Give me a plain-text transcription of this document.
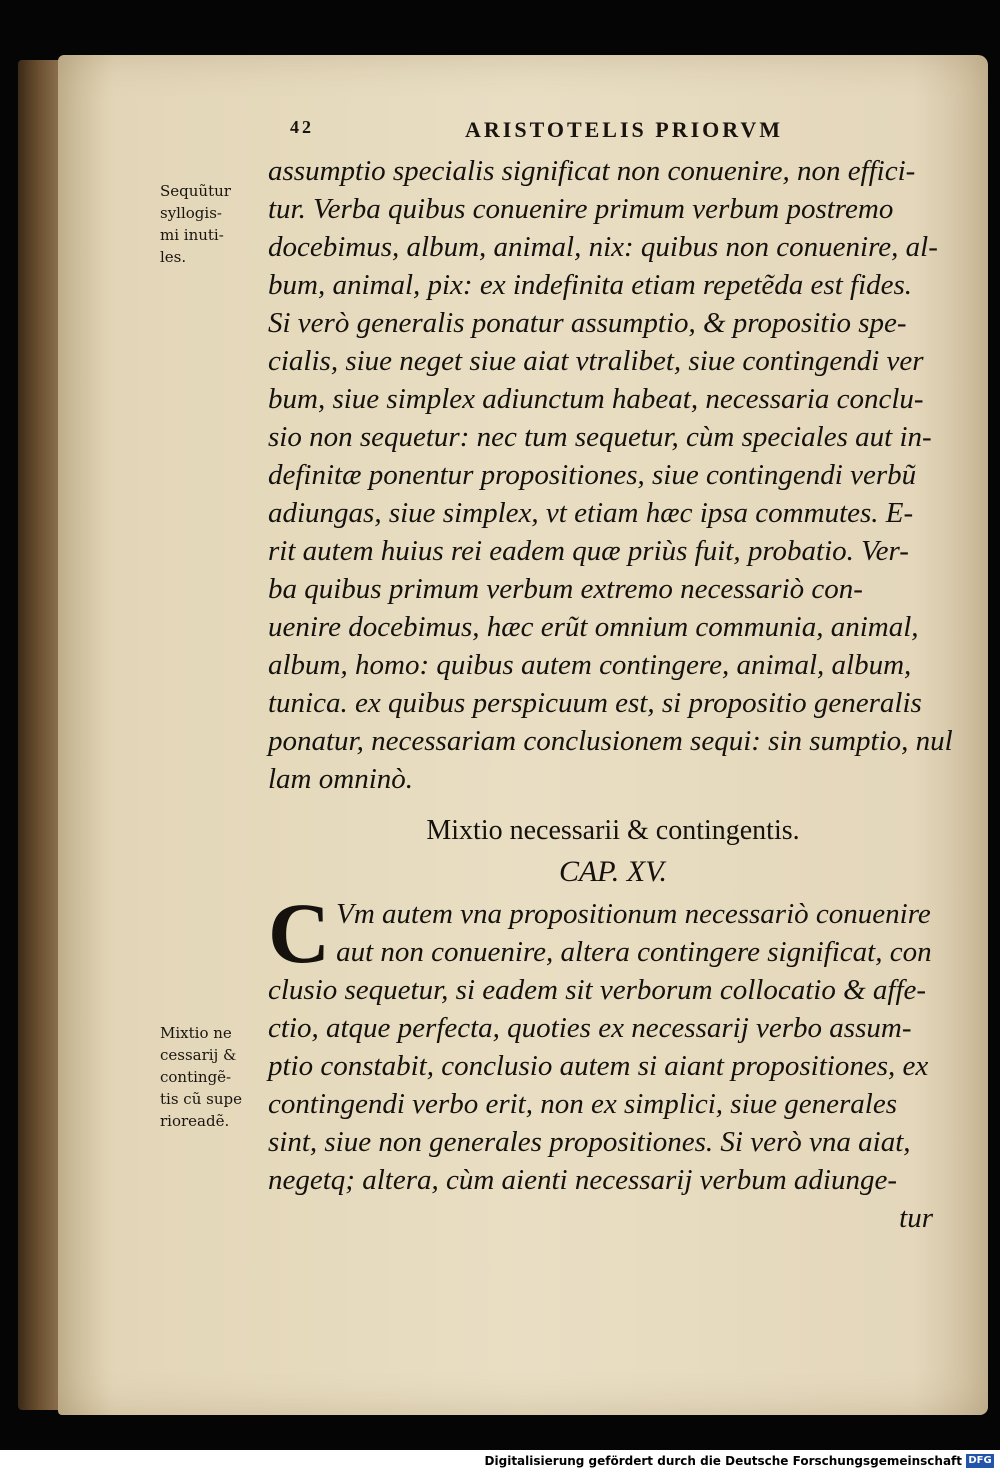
42	ARISTOTELIS PRIORVM
Sequũtur
syllogis-
mi inuti-
les.
assumptio specialis significat non conuenire, non effici-
tur. Verba quibus conuenire primum verbum postremo
docebimus, album, animal, nix: quibus non conuenire, al-
bum, animal, pix: ex indefinita etiam repetẽda est fides.
Si verò generalis ponatur assumptio, & propositio spe-
cialis, siue neget siue aiat vtralibet, siue contingendi ver
bum, siue simplex adiunctum habeat, necessaria conclu-
sio non sequetur: nec tum sequetur, cùm speciales aut in-
definitæ ponentur propositiones, siue contingendi verbũ
adiungas, siue simplex, vt etiam hæc ipsa commutes. E-
rit autem huius rei eadem quæ priùs fuit, probatio. Ver-
ba quibus primum verbum extremo necessariò con-
uenire docebimus, hæc erũt omnium communia, animal,
album, homo: quibus autem contingere, animal, album,
tunica. ex quibus perspicuum est, si propositio generalis
ponatur, necessariam conclusionem sequi: sin sumptio, nul
lam omninò.
Mixtio necessarii & contingentis.
CAP. XV.
Mixtio ne
cessarij &
contingẽ-
tis cũ supe
rioreadẽ.
C Vm autem vna propositionum necessariò conuenire
aut non conuenire, altera contingere significat, con
clusio sequetur, si eadem sit verborum collocatio & affe-
ctio, atque perfecta, quoties ex necessarij verbo assum-
ptio constabit, conclusio autem si aiant propositiones, ex
contingendi verbo erit, non ex simplici, siue generales
sint, siue non generales propositiones. Si verò vna aiat,
negetq; altera, cùm aienti necessarij verbum adiunge-
tur
Digitalisierung gefördert durch die Deutsche Forschungsgemeinschaft DFG
